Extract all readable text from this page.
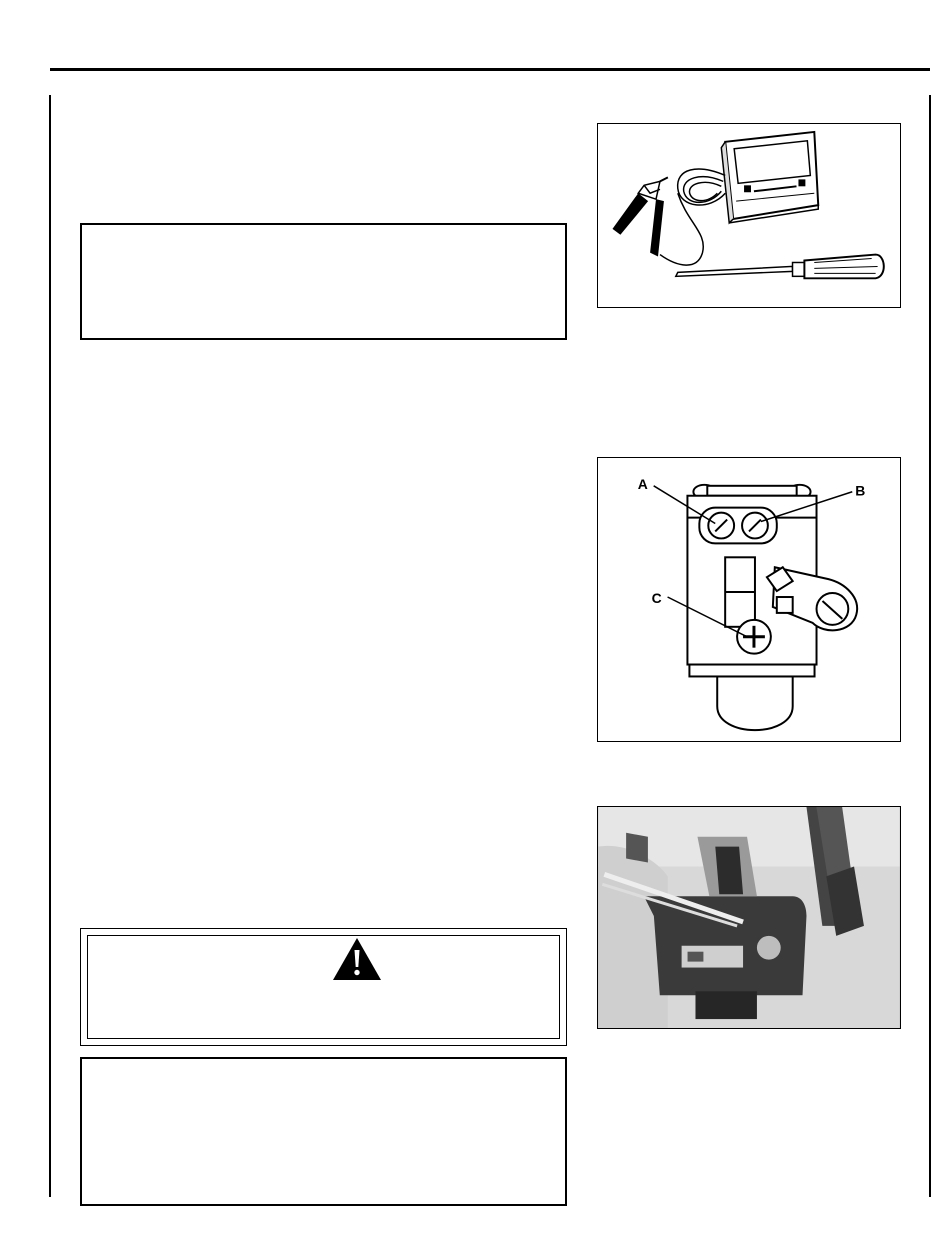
A	B
C
